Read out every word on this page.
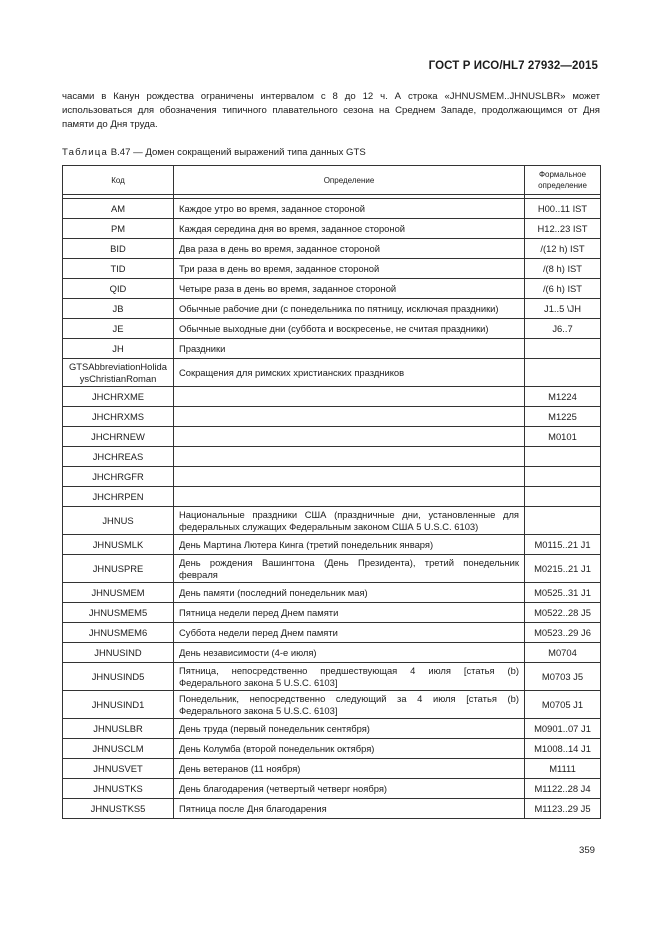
ГОСТ Р ИСО/HL7 27932—2015

часами в Канун рождества ограничены интервалом с 8 до 12 ч. А строка «JHNUSMEM..JHNUSLBR» может использоваться для обозначения типичного плавательного сезона на Среднем Западе, продолжающимся от Дня памяти до Дня труда.

Таблица B.47 — Домен сокращений выражений типа данных GTS
Код	Определение	Формальное определение

AM	Каждое утро во время, заданное стороной	H00..11 IST
PM	Каждая середина дня во время, заданное стороной	H12..23 IST
BID	Два раза в день во время, заданное стороной	/(12 h) IST
TID	Три раза в день во время, заданное стороной	/(8 h) IST
QID	Четыре раза в день во время, заданное стороной	/(6 h) IST
JB	Обычные рабочие дни (с понедельника по пятницу, исключая праздники)	J1..5 \JH
JE	Обычные выходные дни (суббота и воскресенье, не считая праздники)	J6..7
JH	Праздники	
GTSAbbreviationHolidaysChristianRoman	Сокращения для римских христианских праздников	
JHCHRXME		M1224
JHCHRXMS		M1225
JHCHRNEW		M0101
JHCHREAS		
JHCHRGFR		
JHCHRPEN		
JHNUS	Национальные праздники США (праздничные дни, установленные для федеральных служащих Федеральным законом США 5 U.S.C. 6103)	
JHNUSMLK	День Мартина Лютера Кинга (третий понедельник января)	M0115..21 J1
JHNUSPRE	День рождения Вашингтона (День Президента), третий понедельник февраля	M0215..21 J1
JHNUSMEM	День памяти (последний понедельник мая)	M0525..31 J1
JHNUSMEM5	Пятница недели перед Днем памяти	M0522..28 J5
JHNUSMEM6	Суббота недели перед Днем памяти	M0523..29 J6
JHNUSIND	День независимости (4-е июля)	M0704
JHNUSIND5	Пятница, непосредственно предшествующая 4 июля [статья (b) Федерального закона 5 U.S.C. 6103]	M0703 J5
JHNUSIND1	Понедельник, непосредственно следующий за 4 июля [статья (b) Федерального закона 5 U.S.C. 6103]	M0705 J1
JHNUSLBR	День труда (первый понедельник сентября)	M0901..07 J1
JHNUSCLM	День Колумба (второй понедельник октября)	M1008..14 J1
JHNUSVET	День ветеранов (11 ноября)	M1111
JHNUSTKS	День благодарения (четвертый четверг ноября)	M1122..28 J4
JHNUSTKS5	Пятница после Дня благодарения	M1123..29 J5
359
